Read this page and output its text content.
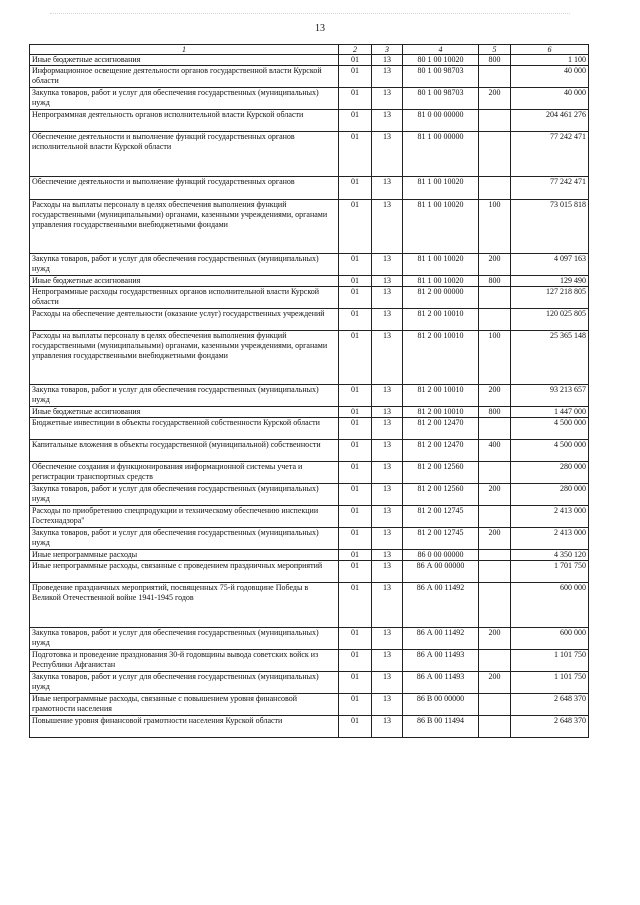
13
1	2	3	4	5	6
Иные бюджетные ассигнования	01	13	80 1 00 10020	800	1 100
Информационное освещение деятельности органов государственной власти Курской области	01	13	80 1 00 98703		40 000
Закупка товаров, работ и услуг для обеспечения государственных (муниципальных) нужд	01	13	80 1 00 98703	200	40 000
Непрограммная деятельность органов исполнительной власти Курской области	01	13	81 0 00 00000		204 461 276
Обеспечение деятельности и выполнение функций государственных органов исполнительной власти Курской области	01	13	81 1 00 00000		77 242 471
Обеспечение деятельности и выполнение функций государственных органов	01	13	81 1 00 10020		77 242 471
Расходы на выплаты персоналу в целях обеспечения выполнения функций государственными (муниципальными) органами, казенными учреждениями, органами управления государственными внебюджетными фондами	01	13	81 1 00 10020	100	73 015 818
Закупка товаров, работ и услуг для обеспечения государственных (муниципальных) нужд	01	13	81 1 00 10020	200	4 097 163
Иные бюджетные ассигнования	01	13	81 1 00 10020	800	129 490
Непрограммные расходы государственных органов исполнительной власти Курской области	01	13	81 2 00 00000		127 218 805
Расходы на обеспечение деятельности (оказание услуг) государственных учреждений	01	13	81 2 00 10010		120 025 805
Расходы на выплаты персоналу в целях обеспечения выполнения функций государственными (муниципальными) органами, казенными учреждениями, органами управления государственными внебюджетными фондами	01	13	81 2 00 10010	100	25 365 148
Закупка товаров, работ и услуг для обеспечения государственных (муниципальных) нужд	01	13	81 2 00 10010	200	93 213 657
Иные бюджетные ассигнования	01	13	81 2 00 10010	800	1 447 000
Бюджетные инвестиции в объекты государственной собственности Курской области	01	13	81 2 00 12470		4 500 000
Капитальные вложения в объекты государственной (муниципальной) собственности	01	13	81 2 00 12470	400	4 500 000
Обеспечение создания и функционирования информационной системы учета и регистрации транспортных средств	01	13	81 2 00 12560		280 000
Закупка товаров, работ и услуг для обеспечения государственных (муниципальных) нужд	01	13	81 2 00 12560	200	280 000
Расходы по приобретению спецпродукции и техническому обеспечению инспекции Гостехнадзора"	01	13	81 2 00 12745		2 413 000
Закупка товаров, работ и услуг для обеспечения государственных (муниципальных) нужд	01	13	81 2 00 12745	200	2 413 000
Иные непрограммные расходы	01	13	86 0 00 00000		4 350 120
Иные непрограммные расходы, связанные с проведением праздничных мероприятий	01	13	86 А 00 00000		1 701 750
Проведение праздничных мероприятий, посвященных 75-й годовщине Победы в Великой Отечественной войне 1941-1945 годов	01	13	86 А 00 11492		600 000
Закупка товаров, работ и услуг для обеспечения государственных (муниципальных) нужд	01	13	86 А 00 11492	200	600 000
Подготовка и проведение празднования 30-й годовщины вывода советских войск из Республики Афганистан	01	13	86 А 00 11493		1 101 750
Закупка товаров, работ и услуг для обеспечения государственных (муниципальных) нужд	01	13	86 А 00 11493	200	1 101 750
Иные непрограммные расходы, связанные с повышением уровня финансовой грамотности населения	01	13	86 В 00 00000		2 648 370
Повышение уровня финансовой грамотности населения Курской области	01	13	86 В 00 11494		2 648 370
